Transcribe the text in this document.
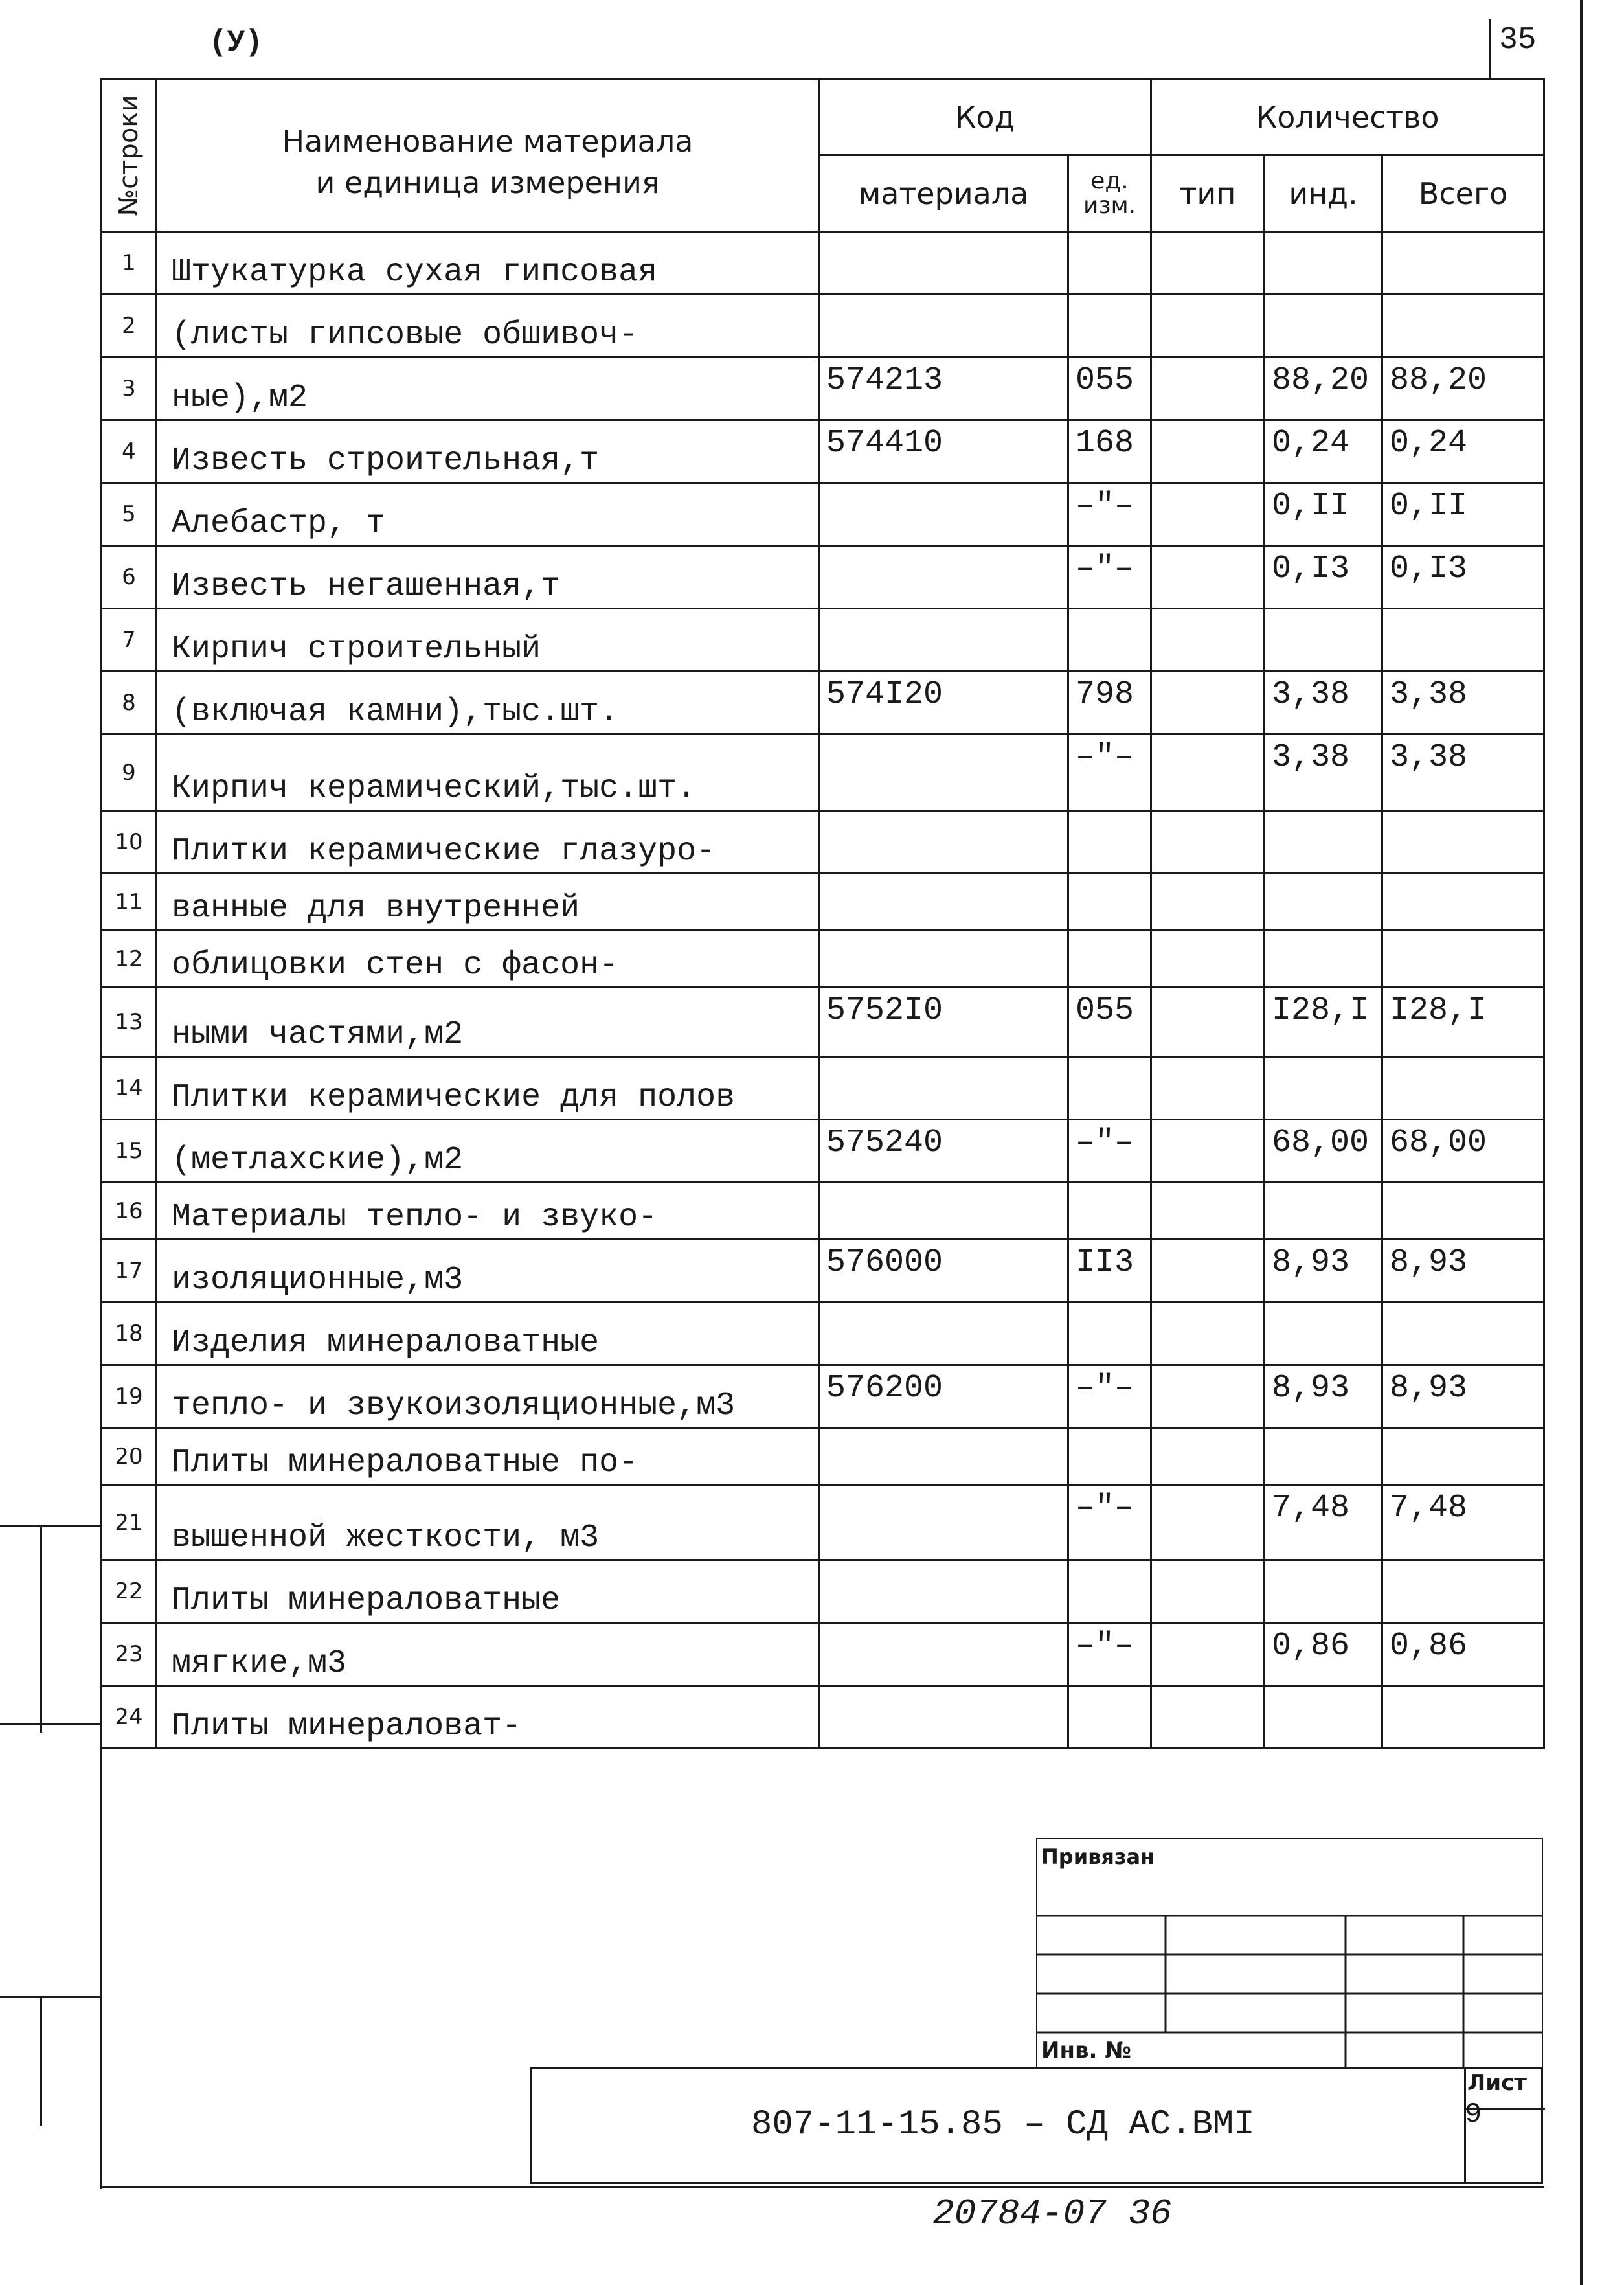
(У)	35
№строки	Наименование материала
и единица измерения	Код		Количество		
		материала	ед. изм.	тип	инд.	Всего
1	Штукатурка сухая гипсовая					
2	(листы гипсовые обшивоч-					
3	ные),м2	574213	055		88,20	88,20
4	Известь строительная,т	574410	168		0,24	0,24
5	Алебастр, т		–"–		0,II	0,II
6	Известь негашенная,т		–"–		0,I3	0,I3
7	Кирпич строительный					
8	(включая камни),тыс.шт.	574I20	798		3,38	3,38
9	Кирпич керамический,тыс.шт.		–"–		3,38	3,38
10	Плитки керамические глазуро-					
11	ванные для внутренней					
12	облицовки стен с фасон-					
13	ными частями,м2	5752I0	055		I28,I	I28,I
14	Плитки керамические для полов					
15	(метлахские),м2	575240	–"–		68,00	68,00
16	Материалы тепло- и звуко-					
17	изоляционные,м3	576000	II3		8,93	8,93
18	Изделия минераловатные					
19	тепло- и звукоизоляционные,м3	576200	–"–		8,93	8,93
20	Плиты минераловатные по-					
21	вышенной жесткости, м3		–"–		7,48	7,48
22	Плиты минераловатные					
23	мягкие,м3		–"–		0,86	0,86
24	Плиты минераловат-					
Привязан
Инв. №
807-11-15.85 – СД АС.ВМI
Лист
9
20784-07 36
